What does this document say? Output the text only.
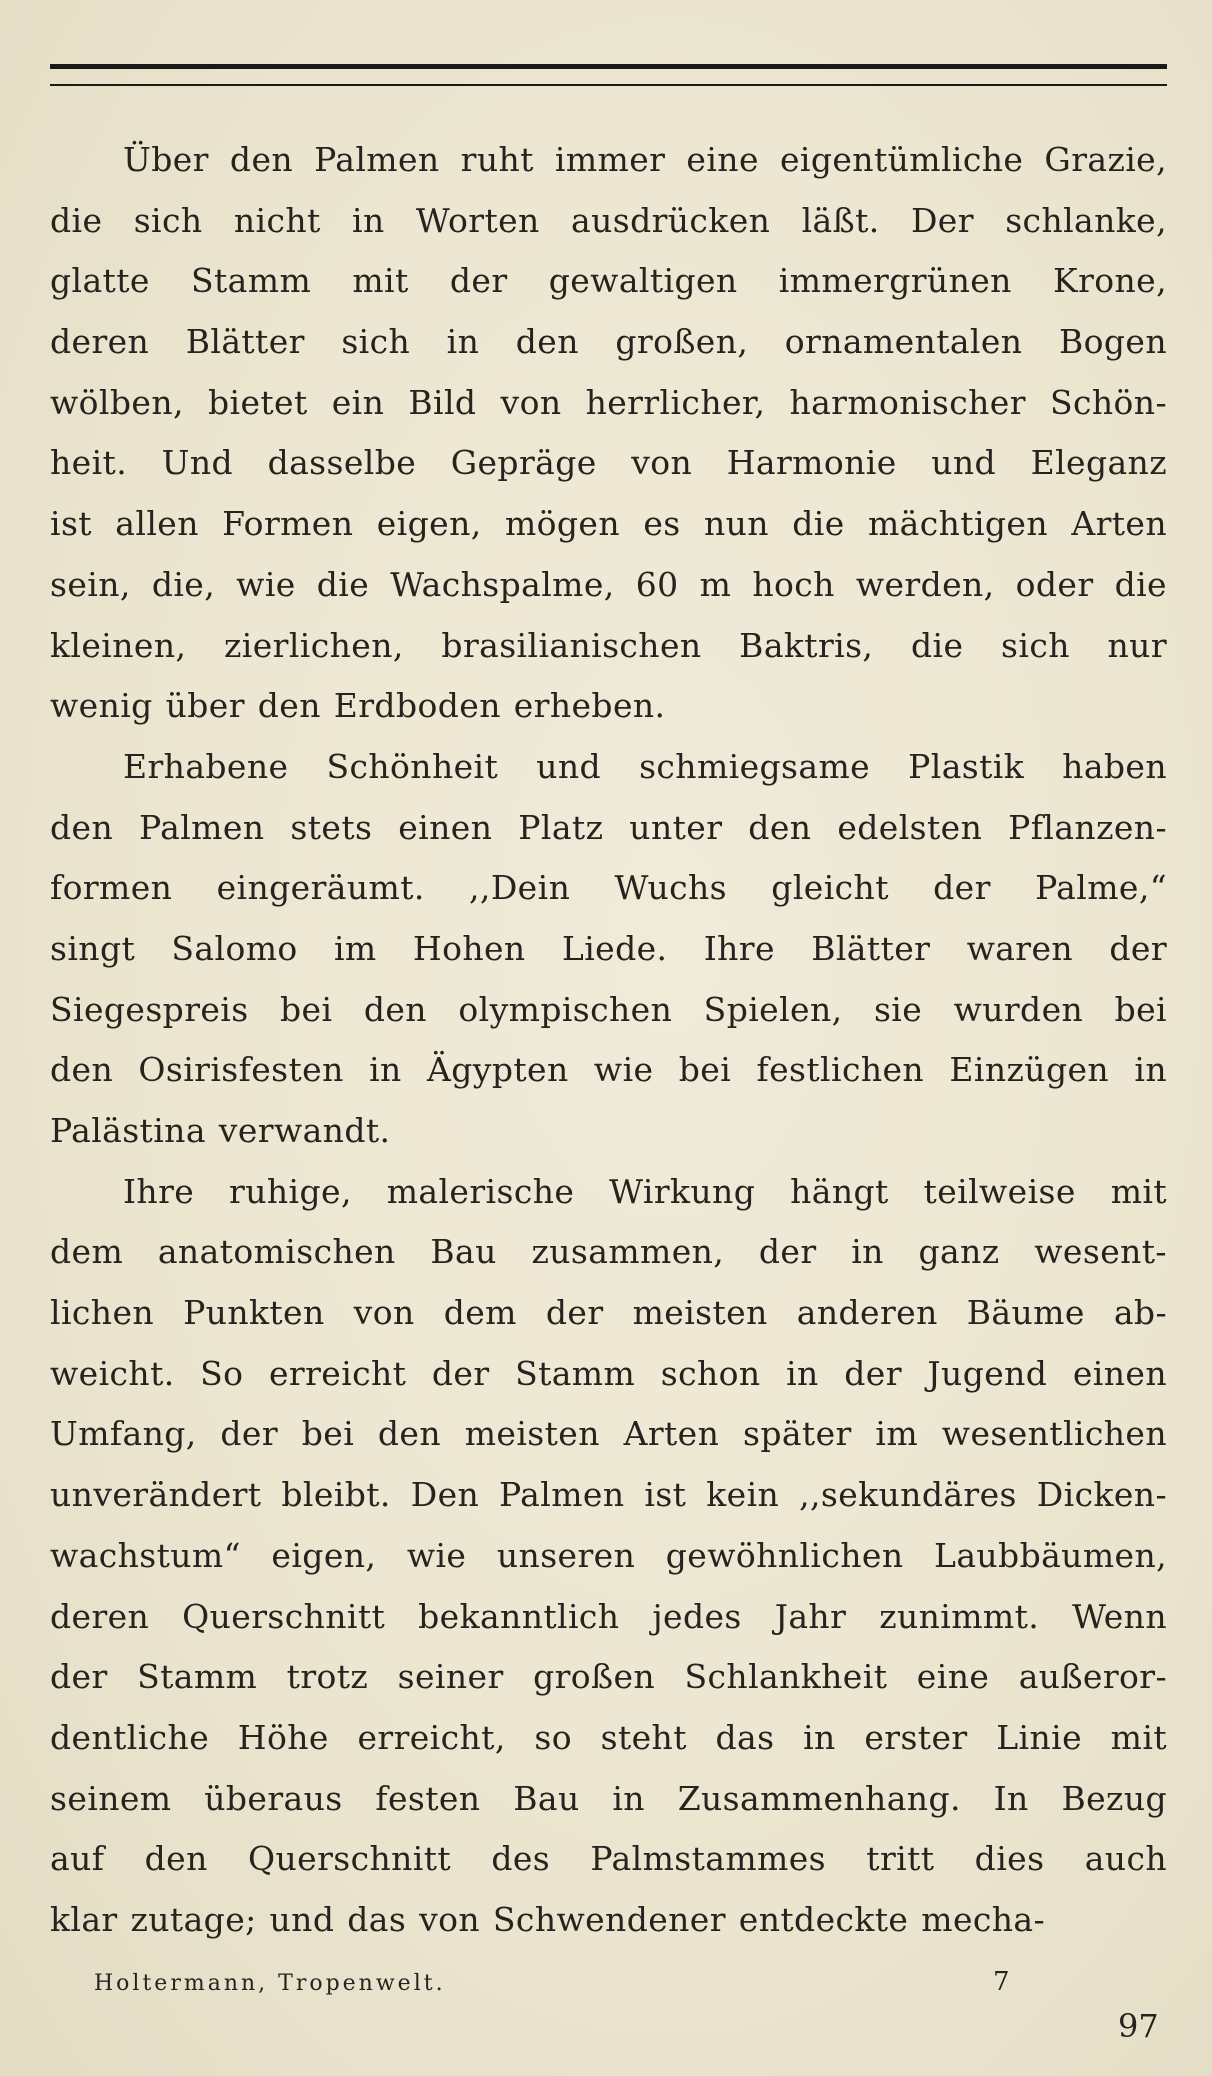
Über den Palmen ruht immer eine eigentümliche Grazie,
die sich nicht in Worten ausdrücken läßt. Der schlanke,
glatte Stamm mit der gewaltigen immergrünen Krone,
deren Blätter sich in den großen, ornamentalen Bogen
wölben, bietet ein Bild von herrlicher, harmonischer Schön-
heit. Und dasselbe Gepräge von Harmonie und Eleganz
ist allen Formen eigen, mögen es nun die mächtigen Arten
sein, die, wie die Wachspalme, 60 m hoch werden, oder die
kleinen, zierlichen, brasilianischen Baktris, die sich nur
wenig über den Erdboden erheben.
Erhabene Schönheit und schmiegsame Plastik haben
den Palmen stets einen Platz unter den edelsten Pflanzen-
formen eingeräumt. ,,Dein Wuchs gleicht der Palme,“
singt Salomo im Hohen Liede. Ihre Blätter waren der
Siegespreis bei den olympischen Spielen, sie wurden bei
den Osirisfesten in Ägypten wie bei festlichen Einzügen in
Palästina verwandt.
Ihre ruhige, malerische Wirkung hängt teilweise mit
dem anatomischen Bau zusammen, der in ganz wesent-
lichen Punkten von dem der meisten anderen Bäume ab-
weicht. So erreicht der Stamm schon in der Jugend einen
Umfang, der bei den meisten Arten später im wesentlichen
unverändert bleibt. Den Palmen ist kein ,,sekundäres Dicken-
wachstum“ eigen, wie unseren gewöhnlichen Laubbäumen,
deren Querschnitt bekanntlich jedes Jahr zunimmt. Wenn
der Stamm trotz seiner großen Schlankheit eine außeror-
dentliche Höhe erreicht, so steht das in erster Linie mit
seinem überaus festen Bau in Zusammenhang. In Bezug
auf den Querschnitt des Palmstammes tritt dies auch
klar zutage; und das von Schwendener entdeckte mecha-
Holtermann, Tropenwelt.	7
97
